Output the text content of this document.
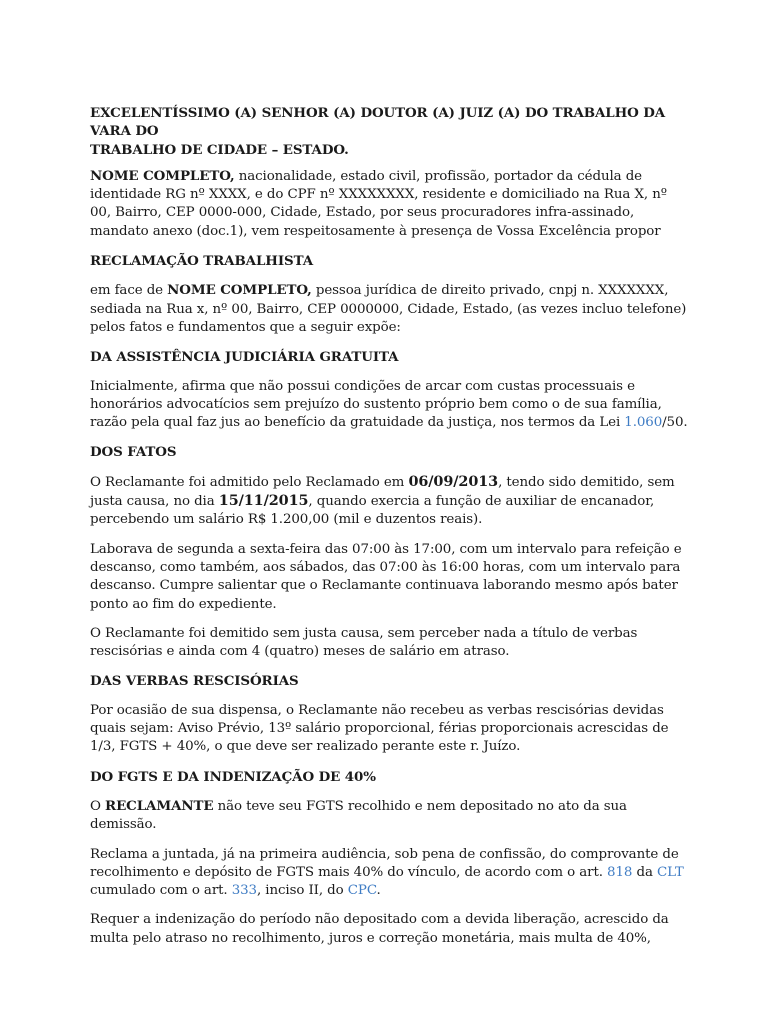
EXCELENTÍSSIMO (A) SENHOR (A) DOUTOR (A) JUIZ (A) DO TRABALHO DA VARA DO
TRABALHO DE CIDADE – ESTADO.

NOME COMPLETO, nacionalidade, estado civil, profissão, portador da cédula de identidade RG nº XXXX, e do CPF nº XXXXXXXX, residente e domiciliado na Rua X, nº 00, Bairro, CEP 0000-000, Cidade, Estado, por seus procuradores infra-assinado, mandato anexo (doc.1), vem respeitosamente à presença de Vossa Excelência propor

RECLAMAÇÃO TRABALHISTA

em face de NOME COMPLETO, pessoa jurídica de direito privado, cnpj n. XXXXXXX, sediada na Rua x, nº 00, Bairro, CEP 0000000, Cidade, Estado, (as vezes incluo telefone) pelos fatos e fundamentos que a seguir expõe:

DA ASSISTÊNCIA JUDICIÁRIA GRATUITA

Inicialmente, afirma que não possui condições de arcar com custas processuais e honorários advocatícios sem prejuízo do sustento próprio bem como o de sua família, razão pela qual faz jus ao benefício da gratuidade da justiça, nos termos da Lei 1.060/50.

DOS FATOS

O Reclamante foi admitido pelo Reclamado em 06/09/2013, tendo sido demitido, sem justa causa, no dia 15/11/2015, quando exercia a função de auxiliar de encanador, percebendo um salário R$ 1.200,00 (mil e duzentos reais).

Laborava de segunda a sexta-feira das 07:00 às 17:00, com um intervalo para refeição e descanso, como também, aos sábados, das 07:00 às 16:00 horas, com um intervalo para descanso. Cumpre salientar que o Reclamante continuava laborando mesmo após bater ponto ao fim do expediente.

O Reclamante foi demitido sem justa causa, sem perceber nada a título de verbas rescisórias e ainda com 4 (quatro) meses de salário em atraso.

DAS VERBAS RESCISÓRIAS

Por ocasião de sua dispensa, o Reclamante não recebeu as verbas rescisórias devidas quais sejam: Aviso Prévio, 13º salário proporcional, férias proporcionais acrescidas de 1/3, FGTS + 40%, o que deve ser realizado perante este r. Juízo.

DO FGTS E DA INDENIZAÇÃO DE 40%

O RECLAMANTE não teve seu FGTS recolhido e nem depositado no ato da sua demissão.

Reclama a juntada, já na primeira audiência, sob pena de confissão, do comprovante de recolhimento e depósito de FGTS mais 40% do vínculo, de acordo com o art. 818 da CLT cumulado com o art. 333, inciso II, do CPC.

Requer a indenização do período não depositado com a devida liberação, acrescido da multa pelo atraso no recolhimento, juros e correção monetária, mais multa de 40%,
